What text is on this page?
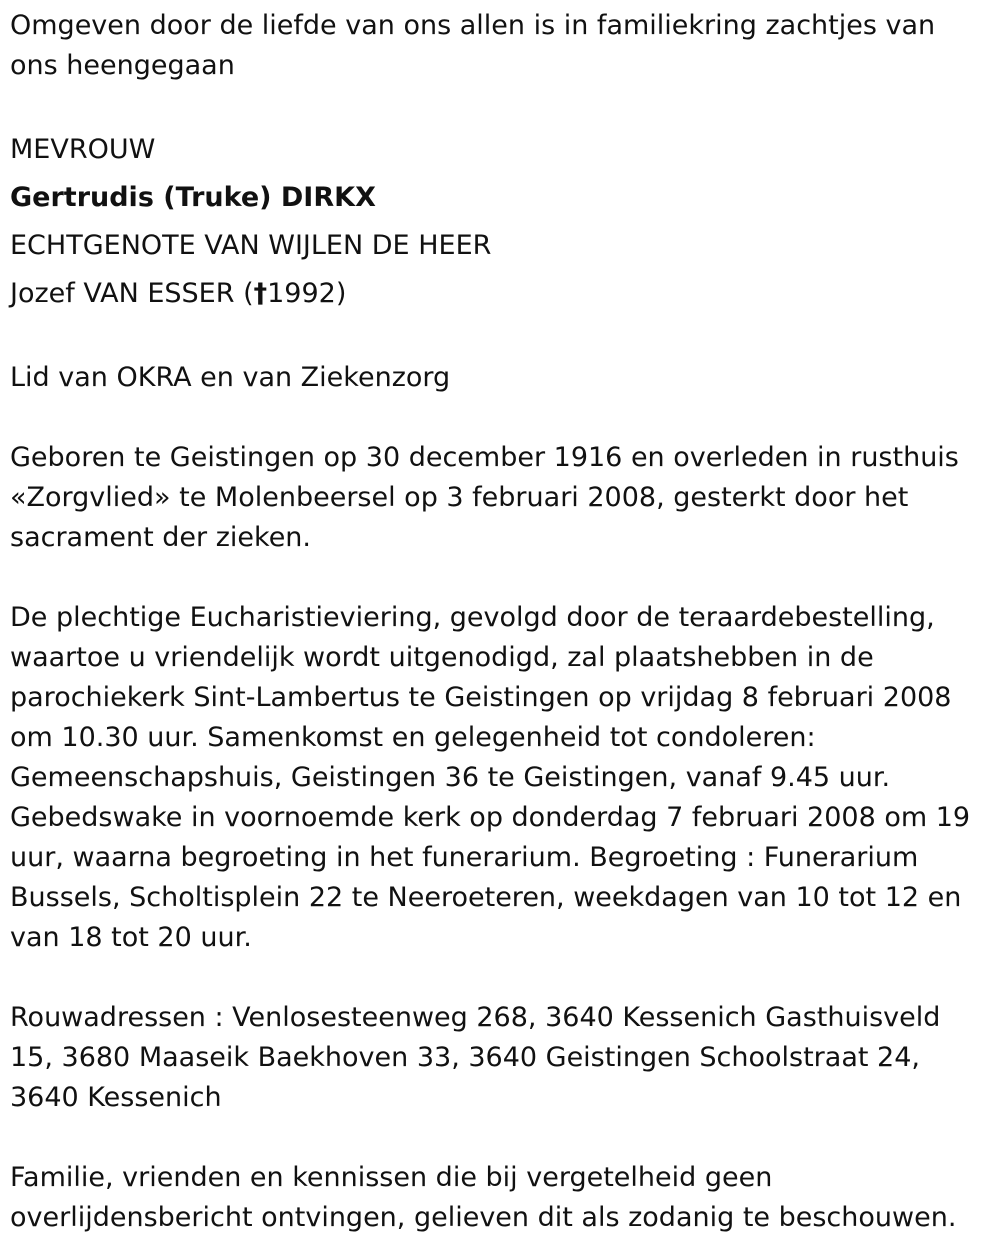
Omgeven door de liefde van ons allen is in familiekring zachtjes van ons heengegaan

MEVROUW

Gertrudis (Truke) DIRKX

ECHTGENOTE VAN WIJLEN DE HEER

Jozef VAN ESSER (†1992)

Lid van OKRA en van Ziekenzorg

Geboren te Geistingen op 30 december 1916 en overleden in rusthuis «Zorgvlied» te Molenbeersel op 3 februari 2008, gesterkt door het sacrament der zieken.

De plechtige Eucharistieviering, gevolgd door de teraardebestelling, waartoe u vriendelijk wordt uitgenodigd, zal plaatshebben in de parochiekerk Sint-Lambertus te Geistingen op vrijdag 8 februari 2008 om 10.30 uur. Samenkomst en gelegenheid tot condoleren: Gemeenschapshuis, Geistingen 36 te Geistingen, vanaf 9.45 uur. Gebedswake in voornoemde kerk op donderdag 7 februari 2008 om 19 uur, waarna begroeting in het funerarium. Begroeting : Funerarium Bussels, Scholtisplein 22 te Neeroeteren, weekdagen van 10 tot 12 en van 18 tot 20 uur.

Rouwadressen : Venlosesteenweg 268, 3640 Kessenich Gasthuisveld 15, 3680 Maaseik Baekhoven 33, 3640 Geistingen Schoolstraat 24, 3640 Kessenich

Familie, vrienden en kennissen die bij vergetelheid geen overlijdensbericht ontvingen, gelieven dit als zodanig te beschouwen.
